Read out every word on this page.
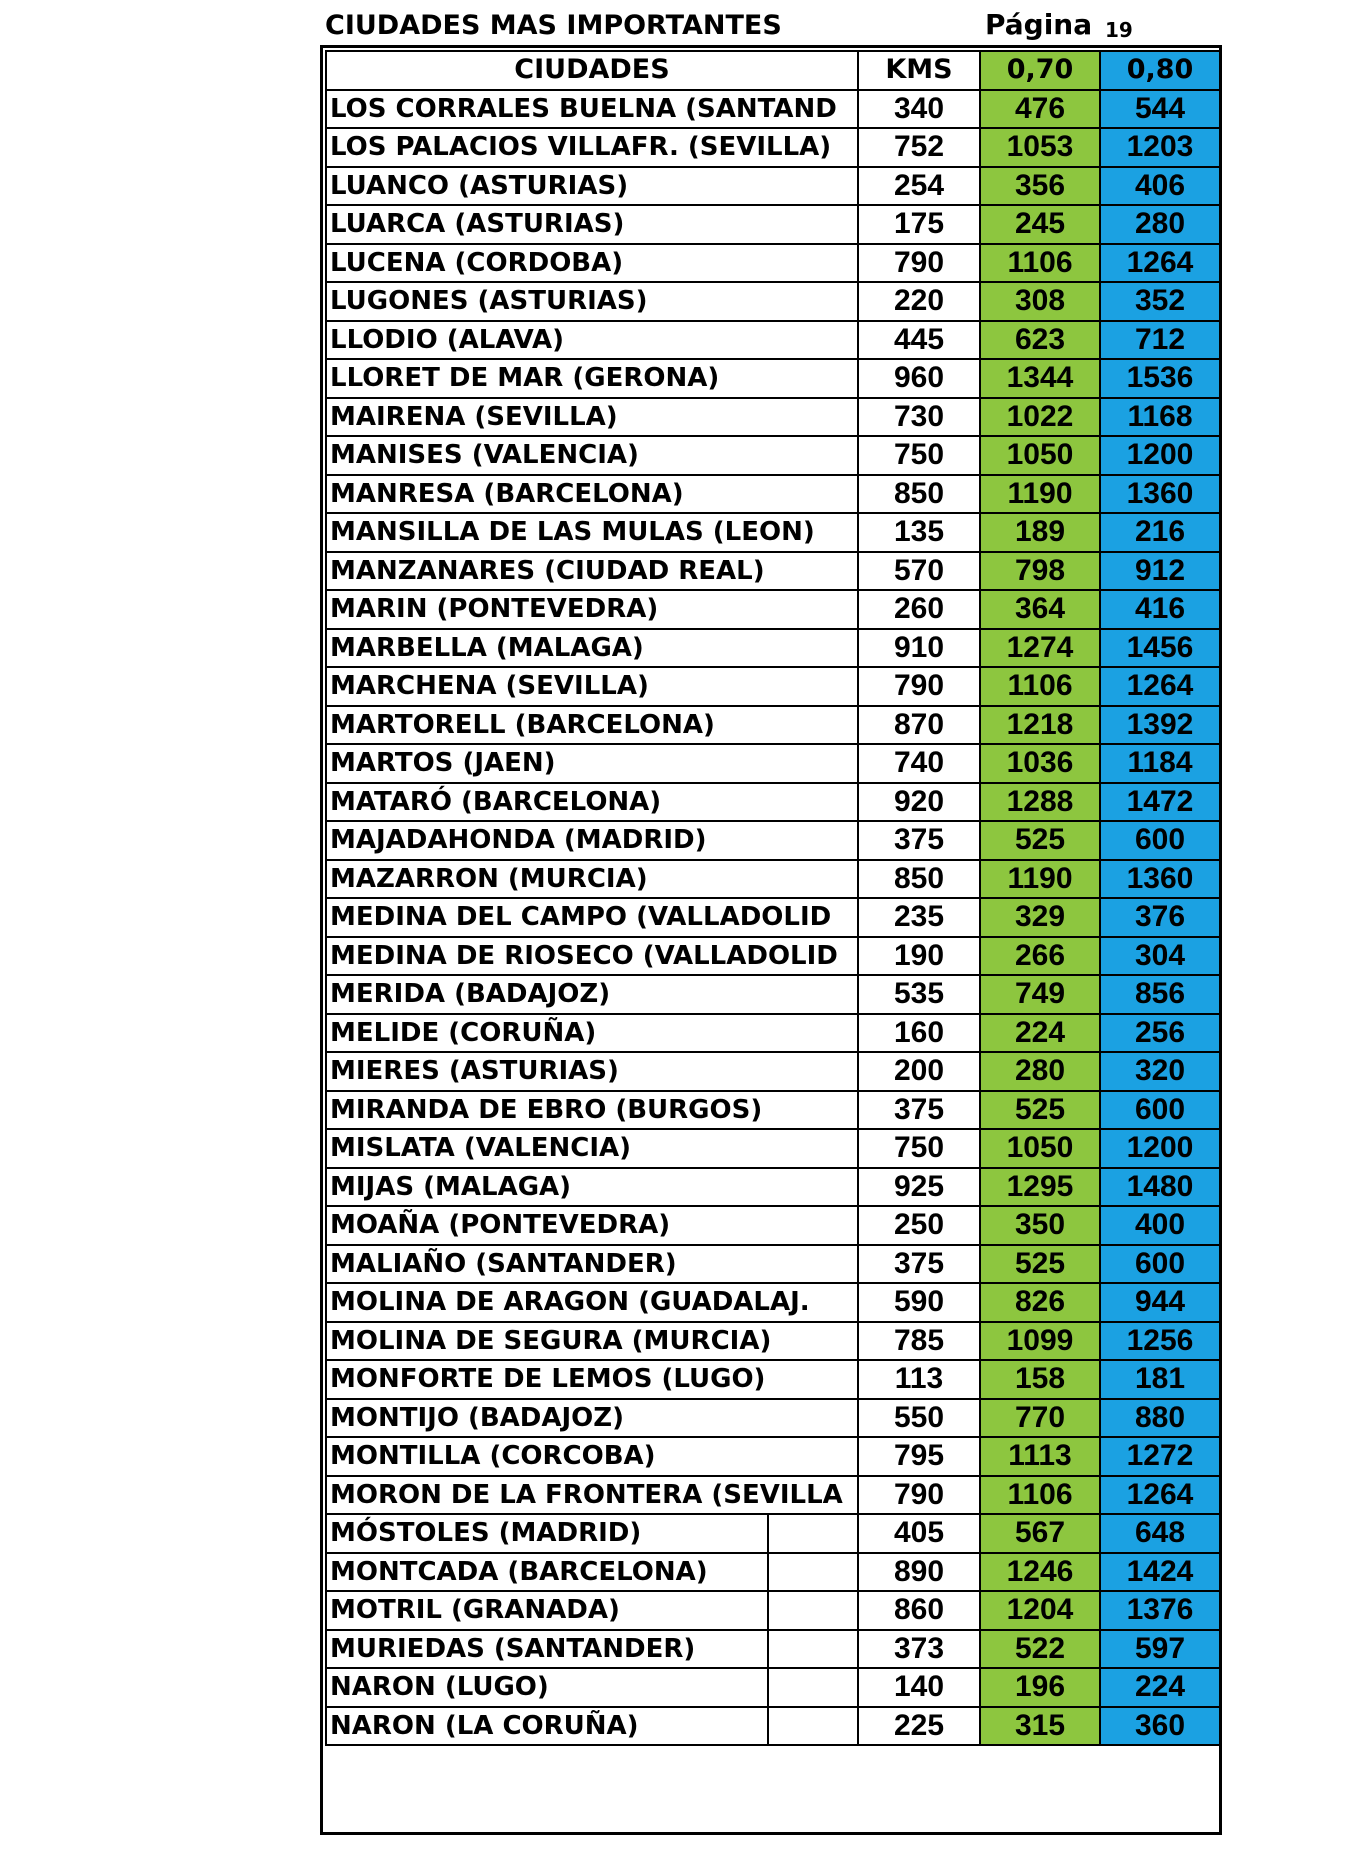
CIUDADES MAS IMPORTANTES	Página 19
CIUDADES	KMS	0,70	0,80
LOS CORRALES BUELNA (SANTAND	340	476	544
LOS PALACIOS VILLAFR. (SEVILLA)	752	1053	1203
LUANCO (ASTURIAS)	254	356	406
LUARCA (ASTURIAS)	175	245	280
LUCENA (CORDOBA)	790	1106	1264
LUGONES (ASTURIAS)	220	308	352
LLODIO (ALAVA)	445	623	712
LLORET DE MAR (GERONA)	960	1344	1536
MAIRENA (SEVILLA)	730	1022	1168
MANISES (VALENCIA)	750	1050	1200
MANRESA (BARCELONA)	850	1190	1360
MANSILLA DE LAS MULAS (LEON)	135	189	216
MANZANARES (CIUDAD REAL)	570	798	912
MARIN (PONTEVEDRA)	260	364	416
MARBELLA (MALAGA)	910	1274	1456
MARCHENA (SEVILLA)	790	1106	1264
MARTORELL (BARCELONA)	870	1218	1392
MARTOS (JAEN)	740	1036	1184
MATARÓ (BARCELONA)	920	1288	1472
MAJADAHONDA (MADRID)	375	525	600
MAZARRON (MURCIA)	850	1190	1360
MEDINA DEL CAMPO (VALLADOLID	235	329	376
MEDINA DE RIOSECO (VALLADOLID	190	266	304
MERIDA (BADAJOZ)	535	749	856
MELIDE (CORUÑA)	160	224	256
MIERES (ASTURIAS)	200	280	320
MIRANDA DE EBRO (BURGOS)	375	525	600
MISLATA (VALENCIA)	750	1050	1200
MIJAS (MALAGA)	925	1295	1480
MOAÑA (PONTEVEDRA)	250	350	400
MALIAÑO (SANTANDER)	375	525	600
MOLINA DE ARAGON (GUADALAJ.	590	826	944
MOLINA DE SEGURA (MURCIA)	785	1099	1256
MONFORTE DE LEMOS (LUGO)	113	158	181
MONTIJO (BADAJOZ)	550	770	880
MONTILLA (CORCOBA)	795	1113	1272
MORON DE LA FRONTERA (SEVILLA	790	1106	1264
MÓSTOLES (MADRID)	405	567	648
MONTCADA (BARCELONA)	890	1246	1424
MOTRIL (GRANADA)	860	1204	1376
MURIEDAS (SANTANDER)	373	522	597
NARON (LUGO)	140	196	224
NARON (LA CORUÑA)	225	315	360
